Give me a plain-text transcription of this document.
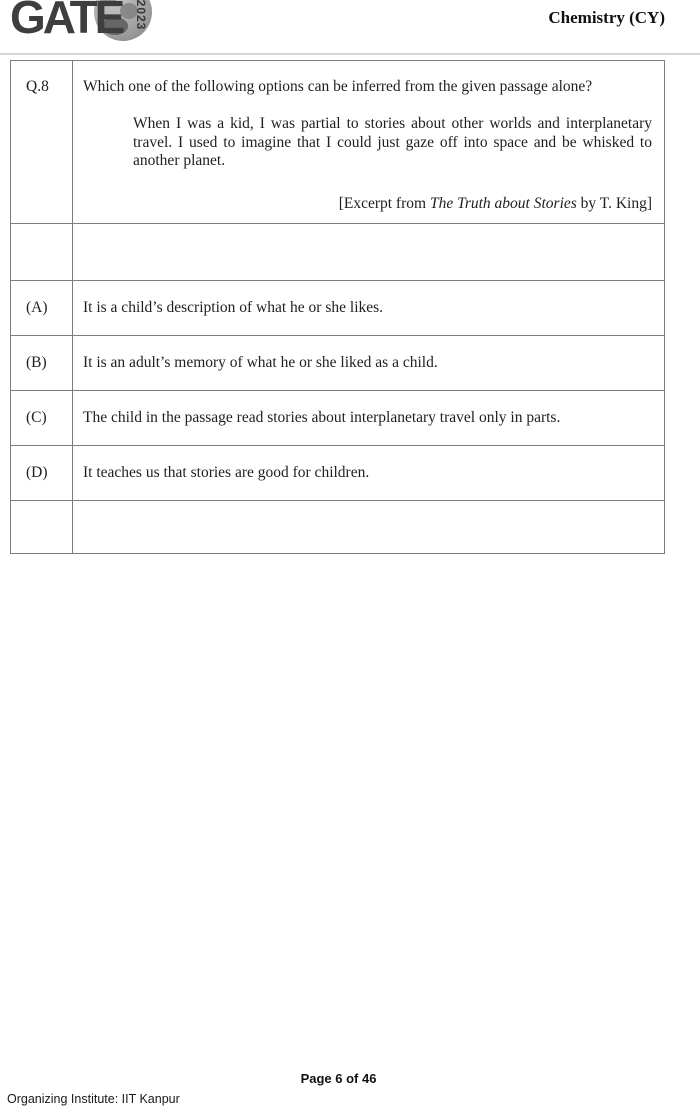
GATE 2023	Chemistry (CY)
Q.8	Which one of the following options can be inferred from the given passage alone?
When I was a kid, I was partial to stories about other worlds and interplanetary travel. I used to imagine that I could just gaze off into space and be whisked to another planet.
[Excerpt from The Truth about Stories by T. King]

(A)	It is a child’s description of what he or she likes.
(B)	It is an adult’s memory of what he or she liked as a child.
(C)	The child in the passage read stories about interplanetary travel only in parts.
(D)	It teaches us that stories are good for children.

Page 6 of 46
Organizing Institute: IIT Kanpur
